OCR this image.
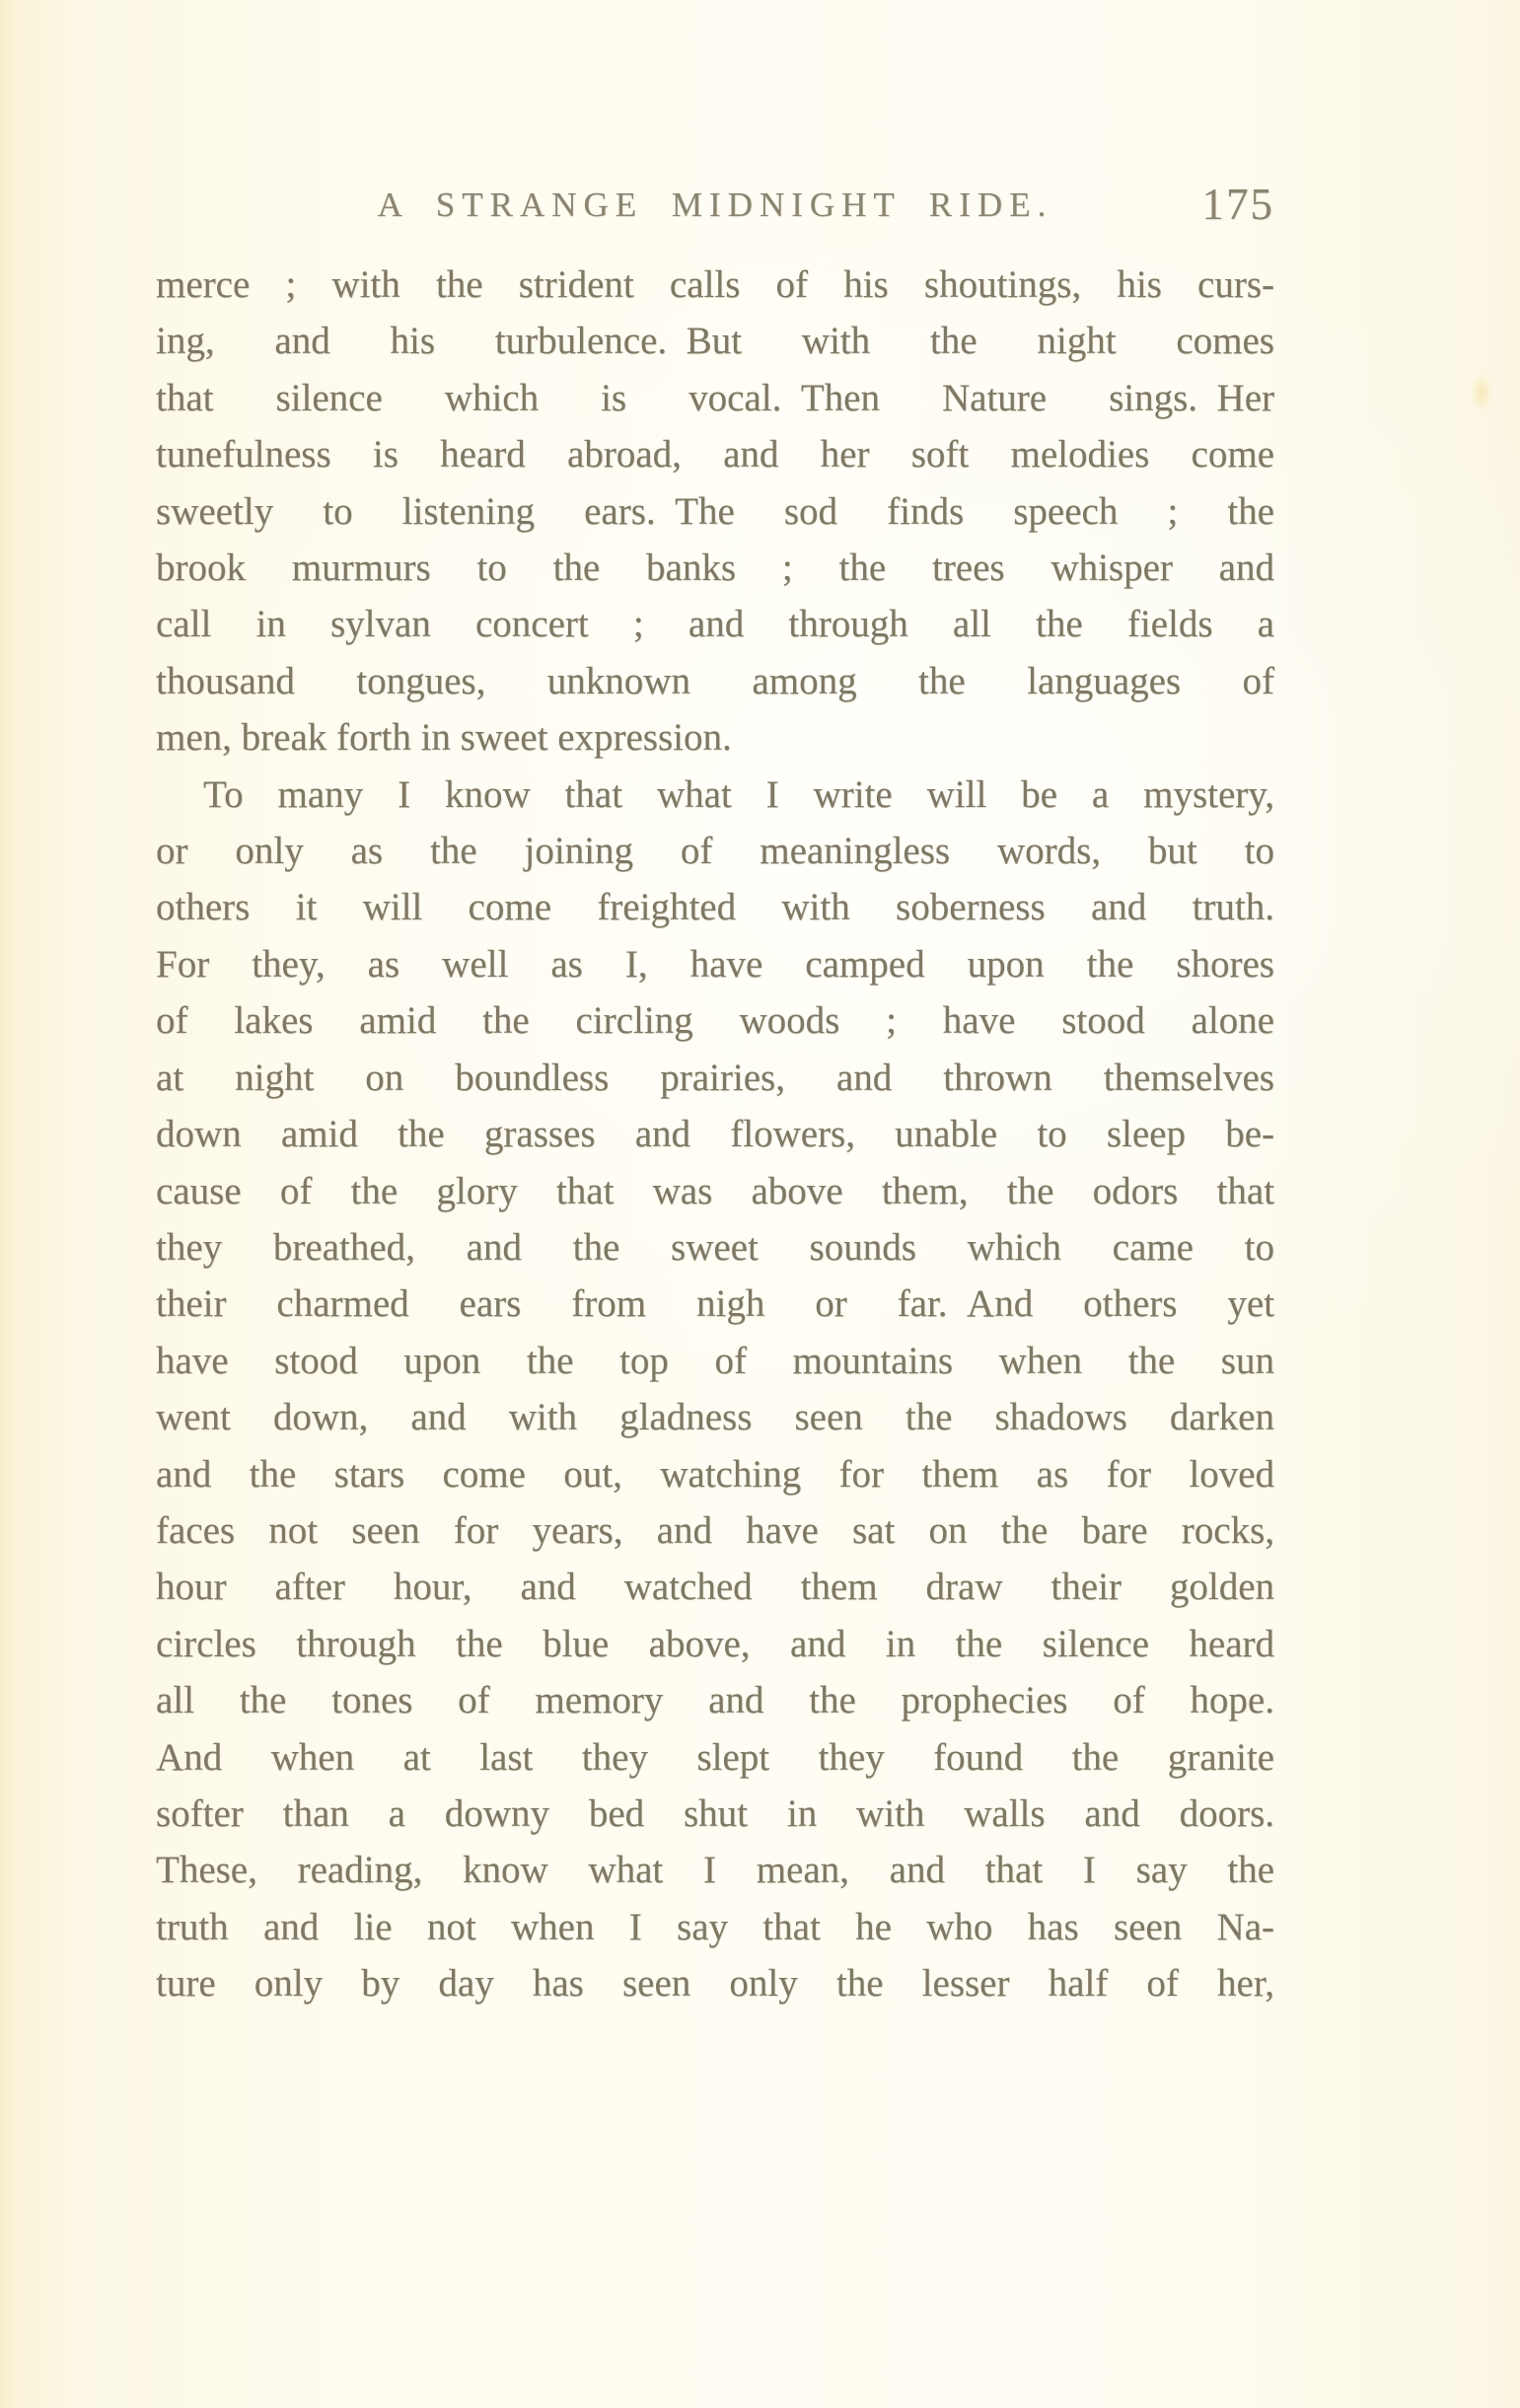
A STRANGE MIDNIGHT RIDE.	175
merce ; with the strident calls of his shoutings, his curs-
ing, and his turbulence. But with the night comes
that silence which is vocal. Then Nature sings. Her
tunefulness is heard abroad, and her soft melodies come
sweetly to listening ears. The sod finds speech ; the
brook murmurs to the banks ; the trees whisper and
call in sylvan concert ; and through all the fields a
thousand tongues, unknown among the languages of
men, break forth in sweet expression.
To many I know that what I write will be a mystery,
or only as the joining of meaningless words, but to
others it will come freighted with soberness and truth.
For they, as well as I, have camped upon the shores
of lakes amid the circling woods ; have stood alone
at night on boundless prairies, and thrown themselves
down amid the grasses and flowers, unable to sleep be-
cause of the glory that was above them, the odors that
they breathed, and the sweet sounds which came to
their charmed ears from nigh or far. And others yet
have stood upon the top of mountains when the sun
went down, and with gladness seen the shadows darken
and the stars come out, watching for them as for loved
faces not seen for years, and have sat on the bare rocks,
hour after hour, and watched them draw their golden
circles through the blue above, and in the silence heard
all the tones of memory and the prophecies of hope.
And when at last they slept they found the granite
softer than a downy bed shut in with walls and doors.
These, reading, know what I mean, and that I say the
truth and lie not when I say that he who has seen Na-
ture only by day has seen only the lesser half of her,
